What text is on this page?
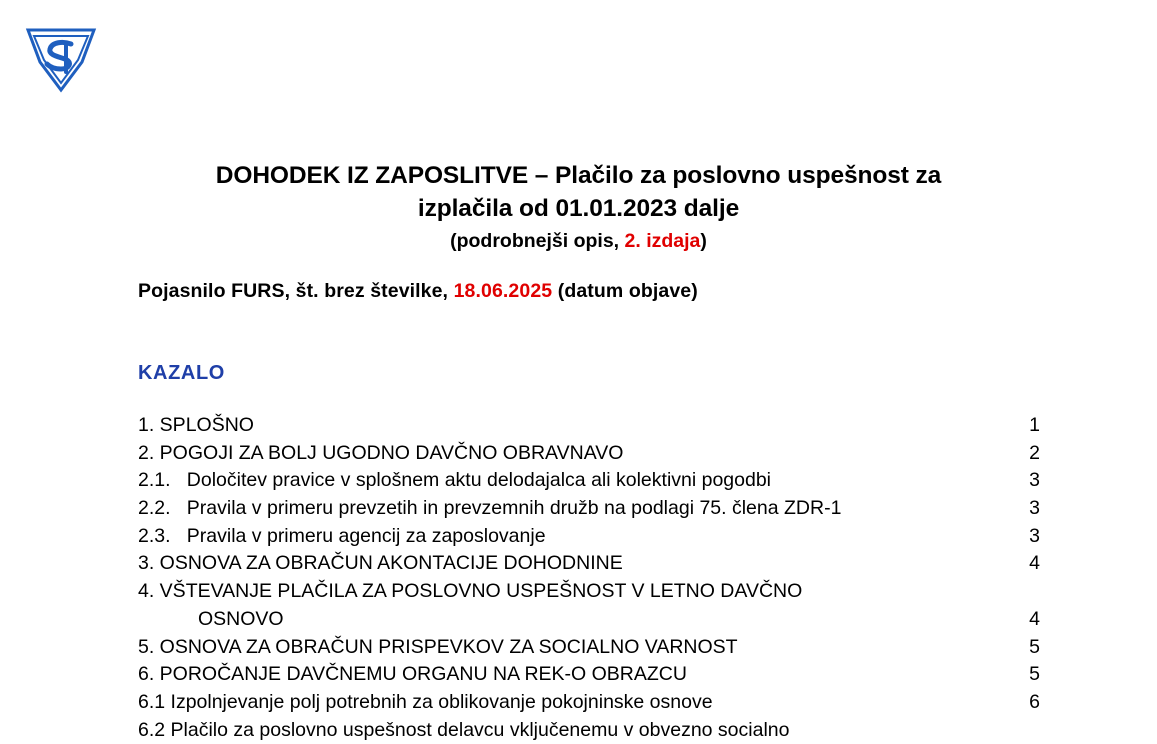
DOHODEK IZ ZAPOSLITVE – Plačilo za poslovno uspešnost za
izplačila od 01.01.2023 dalje
(podrobnejši opis, 2. izdaja)
Pojasnilo FURS, št. brez številke, 18.06.2025 (datum objave)
KAZALO
1. SPLOŠNO	1
2. POGOJI ZA BOLJ UGODNO DAVČNO OBRAVNAVO	2
2.1.   Določitev pravice v splošnem aktu delodajalca ali kolektivni pogodbi	3
2.2.   Pravila v primeru prevzetih in prevzemnih družb na podlagi 75. člena ZDR-1	3
2.3.   Pravila v primeru agencij za zaposlovanje	3
3. OSNOVA ZA OBRAČUN AKONTACIJE DOHODNINE	4
4. VŠTEVANJE PLAČILA ZA POSLOVNO USPEŠNOST V LETNO DAVČNO
OSNOVO	4
5. OSNOVA ZA OBRAČUN PRISPEVKOV ZA SOCIALNO VARNOST	5
6. POROČANJE DAVČNEMU ORGANU NA REK-O OBRAZCU	5
6.1 Izpolnjevanje polj potrebnih za oblikovanje pokojninske osnove	6
6.2 Plačilo za poslovno uspešnost delavcu vključenemu v obvezno socialno
